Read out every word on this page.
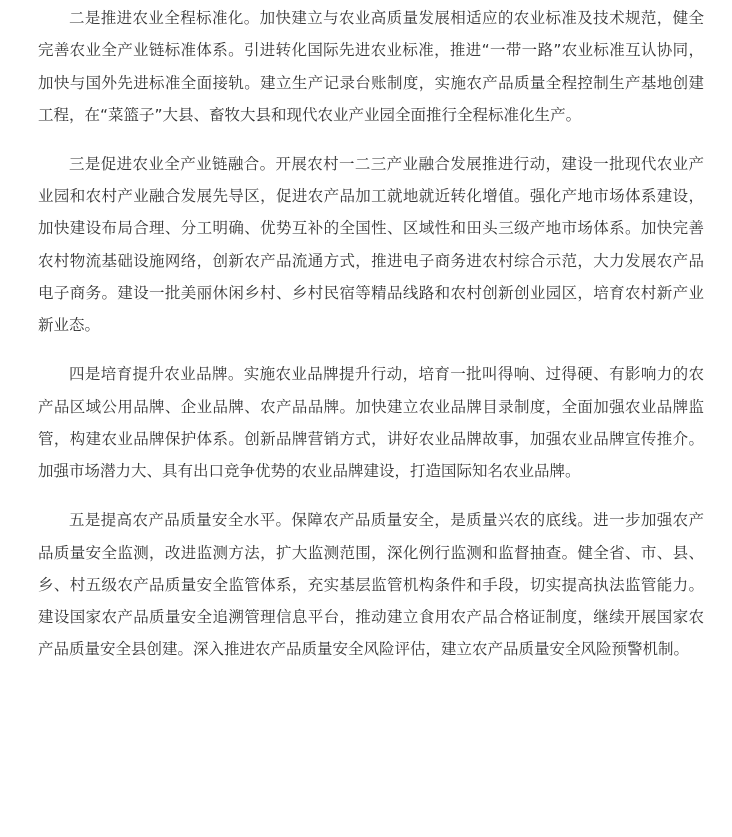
二是推进农业全程标准化。加快建立与农业高质量发展相适应的农业标准及技术规范，健全完善农业全产业链标准体系。引进转化国际先进农业标准，推进“一带一路”农业标准互认协同，加快与国外先进标准全面接轨。建立生产记录台账制度，实施农产品质量全程控制生产基地创建工程，在“菜篮子”大县、畜牧大县和现代农业产业园全面推行全程标准化生产。

三是促进农业全产业链融合。开展农村一二三产业融合发展推进行动，建设一批现代农业产业园和农村产业融合发展先导区，促进农产品加工就地就近转化增值。强化产地市场体系建设，加快建设布局合理、分工明确、优势互补的全国性、区域性和田头三级产地市场体系。加快完善农村物流基础设施网络，创新农产品流通方式，推进电子商务进农村综合示范，大力发展农产品电子商务。建设一批美丽休闲乡村、乡村民宿等精品线路和农村创新创业园区，培育农村新产业新业态。

四是培育提升农业品牌。实施农业品牌提升行动，培育一批叫得响、过得硬、有影响力的农产品区域公用品牌、企业品牌、农产品品牌。加快建立农业品牌目录制度，全面加强农业品牌监管，构建农业品牌保护体系。创新品牌营销方式，讲好农业品牌故事，加强农业品牌宣传推介。加强市场潜力大、具有出口竞争优势的农业品牌建设，打造国际知名农业品牌。

五是提高农产品质量安全水平。保障农产品质量安全，是质量兴农的底线。进一步加强农产品质量安全监测，改进监测方法，扩大监测范围，深化例行监测和监督抽查。健全省、市、县、乡、村五级农产品质量安全监管体系，充实基层监管机构条件和手段，切实提高执法监管能力。建设国家农产品质量安全追溯管理信息平台，推动建立食用农产品合格证制度，继续开展国家农产品质量安全县创建。深入推进农产品质量安全风险评估，建立农产品质量安全风险预警机制。
